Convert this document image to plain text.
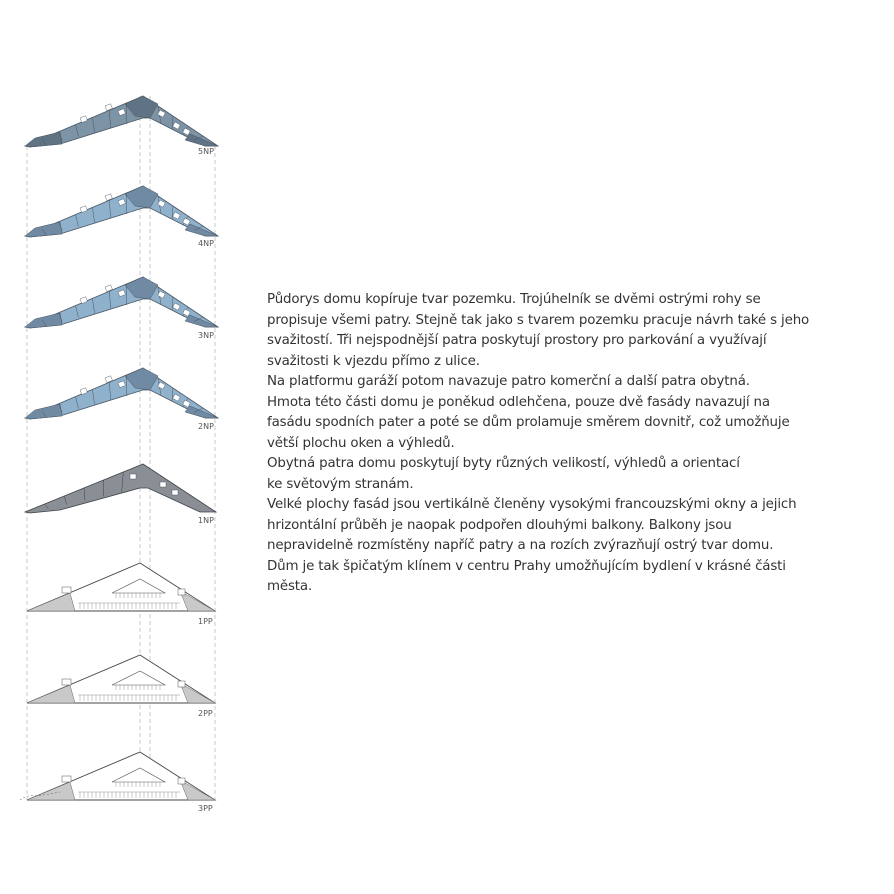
5NP
4NP
3NP
2NP
1NP
1PP
2PP
3PP
Půdorys domu kopíruje tvar pozemku. Trojúhelník se dvěmi ostrými rohy se
propisuje všemi patry. Stejně tak jako s tvarem pozemku pracuje návrh také s jeho
svažitostí. Tři nejspodnější patra poskytují prostory pro parkování a využívají
svažitosti k vjezdu přímo z ulice.
Na platformu garáží potom navazuje patro komerční a další patra obytná.
Hmota této části domu je poněkud odlehčena, pouze dvě fasády navazují na
fasádu spodních pater a poté se dům prolamuje směrem dovnitř, což umožňuje
větší plochu oken a výhledů.
Obytná patra domu poskytují byty různých velikostí, výhledů a orientací
ke světovým stranám.
Velké plochy fasád jsou vertikálně členěny vysokými francouzskými okny a jejich
hrizontální průběh je naopak podpořen dlouhými balkony. Balkony jsou
nepravidelně rozmístěny napříč patry a na rozích zvýrazňují ostrý tvar domu.
Dům je tak špičatým klínem v centru Prahy umožňujícím bydlení v krásné části
města.
